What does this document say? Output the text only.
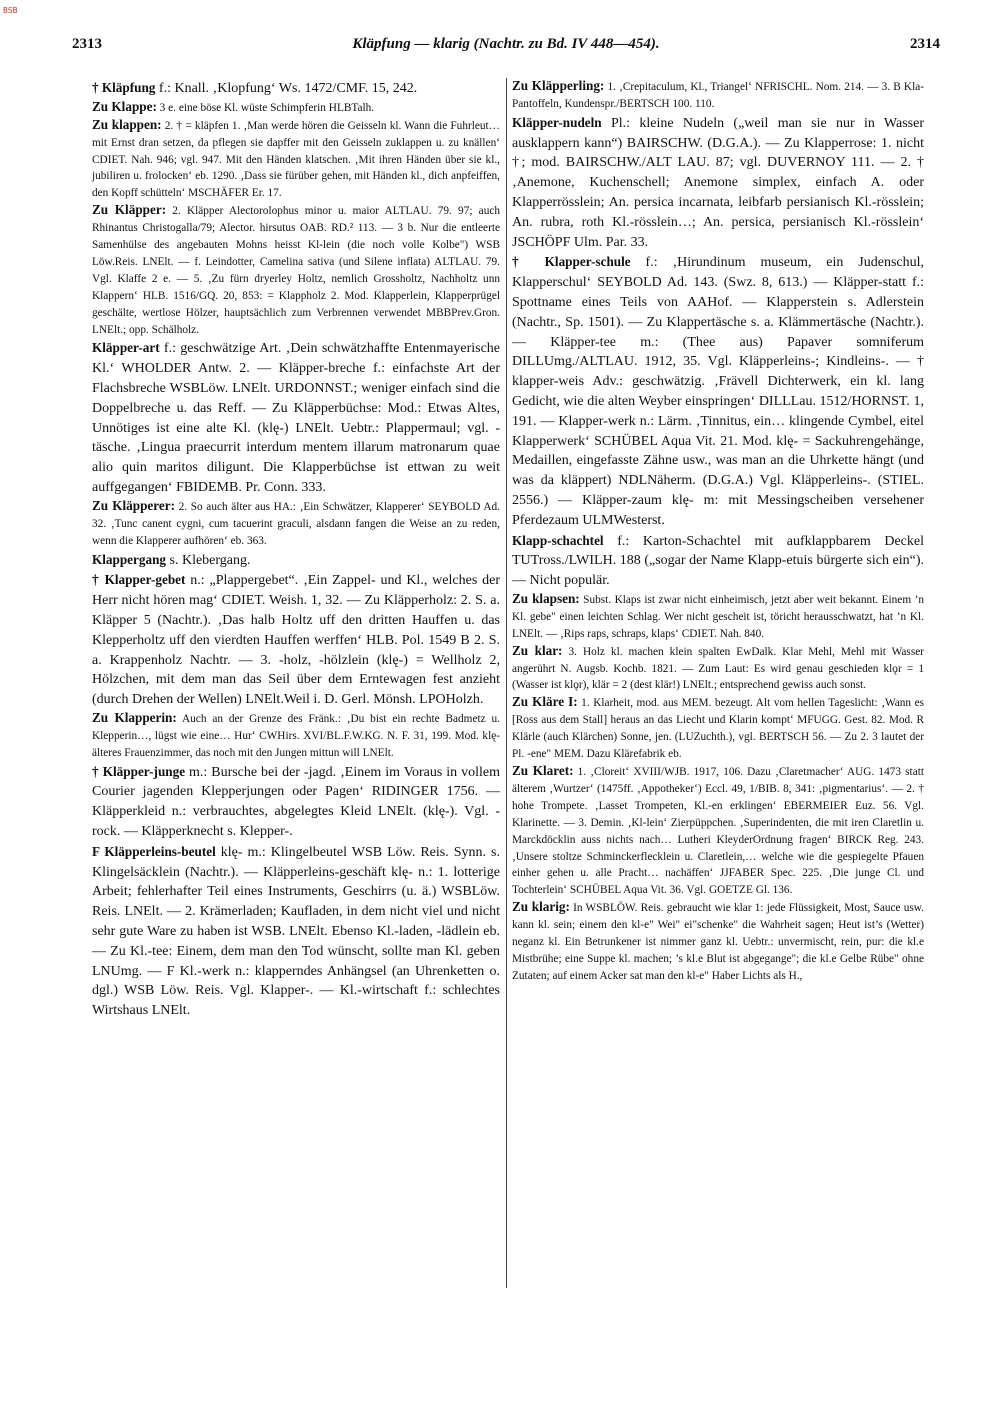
BSB
2313	Kläpfung — klarig (Nachtr. zu Bd. IV 448—454).	2314

† Kläpfung f.: Knall. ‚Klopfung‘ Ws. 1472/CMF. 15, 242.

Zu Klappe: 3 e. eine böse Kl. wüste Schimpferin HLBTalh.

Zu klappen: 2. † = kläpfen 1. ‚Man werde hören die Geisseln kl. Wann die Fuhrleut… mit Ernst dran setzen, da pflegen sie dapffer mit den Geisseln zuklappen u. zu knällen‘ CDIET. Nah. 946; vgl. 947. Mit den Händen klatschen. ‚Mit ihren Händen über sie kl., jubiliren u. frolocken‘ eb. 1290. ‚Dass sie fürüber gehen, mit Händen kl., dich anpfeiffen, den Kopff schütteln‘ MSCHÄFER Er. 17.

Zu Kläpper: 2. Kläpper Alectorolophus minor u. maior ALTLAU. 79. 97; auch Rhinantus Christogalla/79; Alector. hirsutus OAB. RD.² 113. — 3 b. Nur die entleerte Samenhülse des angebauten Mohns heisst Kl-lein (die noch volle Kolbe") WSB Löw.Reis. LNElt. — f. Leindotter, Camelina sativa (und Silene inflata) ALTLAU. 79. Vgl. Klaffe 2 e. — 5. ‚Zu fürn dryerley Holtz, nemlich Grossholtz, Nachholtz unn Klappern‘ HLB. 1516/GQ. 20, 853: = Klappholz 2. Mod. Klapperlein, Klapperprügel geschälte, wertlose Hölzer, hauptsächlich zum Verbrennen verwendet MBBPrev.Gron. LNElt.; opp. Schälholz.

Kläpper-art f.: geschwätzige Art. ‚Dein schwätzhaffte Entenmayerische Kl.‘ WHOLDER Antw. 2. — Kläpper-breche f.: einfachste Art der Flachsbreche WSBLöw. LNElt. URDONNST.; weniger einfach sind die Doppelbreche u. das Reff. — Zu Kläpperbüchse: Mod.: Etwas Altes, Unnötiges ist eine alte Kl. (klę-) LNElt. Uebtr.: Plappermaul; vgl. -täsche. ‚Lingua praecurrit interdum mentem illarum matronarum quae alio quin maritos diligunt. Die Klapperbüchse ist ettwan zu weit auffgegangen‘ FBIDEMB. Pr. Conn. 333.

Zu Kläpperer: 2. So auch älter aus HA.: ‚Ein Schwätzer, Klapperer‘ SEYBOLD Ad. 32. ‚Tunc canent cygni, cum tacuerint graculi, alsdann fangen die Weise an zu reden, wenn die Klapperer aufhören‘ eb. 363.

Klappergang s. Klebergang.

† Klapper-gebet n.: „Plappergebet“. ‚Ein Zappel- und Kl., welches der Herr nicht hören mag‘ CDIET. Weish. 1, 32. — Zu Kläpperholz: 2. S. a. Kläpper 5 (Nachtr.). ‚Das halb Holtz uff den dritten Hauffen u. das Klepperholtz uff den vierdten Hauffen werffen‘ HLB. Pol. 1549 B 2. S. a. Krappenholz Nachtr. — 3. -holz, -hölzlein (klę-) = Wellholz 2, Hölzchen, mit dem man das Seil über dem Erntewagen fest anzieht (durch Drehen der Wellen) LNElt.Weil i. D. Gerl. Mönsh. LPOHolzh.

Zu Klapperin: Auch an der Grenze des Fränk.: ‚Du bist ein rechte Badmetz u. Klepperin…, lügst wie eine… Hur‘ CWHirs. XVI/BL.F.W.KG. N. F. 31, 199. Mod. klę- älteres Frauenzimmer, das noch mit den Jungen mittun will LNElt.

† Kläpper-junge m.: Bursche bei der -jagd. ‚Einem im Voraus in vollem Courier jagenden Klepperjungen oder Pagen‘ RIDINGER 1756. — Kläpperkleid n.: verbrauchtes, abgelegtes Kleid LNElt. (klę-). Vgl. -rock. — Kläpperknecht s. Klepper-.

F Kläpperleins-beutel klę- m.: Klingelbeutel WSB Löw. Reis. Synn. s. Klingelsäcklein (Nachtr.). — Kläpperleins-geschäft klę- n.: 1. lotterige Arbeit; fehlerhafter Teil eines Instruments, Geschirrs (u. ä.) WSBLöw. Reis. LNElt. — 2. Krämerladen; Kaufladen, in dem nicht viel und nicht sehr gute Ware zu haben ist WSB. LNElt. Ebenso Kl.-laden, -lädlein eb. — Zu Kl.-tee: Einem, dem man den Tod wünscht, sollte man Kl. geben LNUmg. — F Kl.-werk n.: klapperndes Anhängsel (an Uhrenketten o. dgl.) WSB Löw. Reis. Vgl. Klapper-. — Kl.-wirtschaft f.: schlechtes Wirtshaus LNElt.

Zu Kläpperling: 1. ‚Crepitaculum, Kl., Triangel‘ NFRISCHL. Nom. 214. — 3. B Kla- Pantoffeln, Kundenspr./BERTSCH 100. 110.

Kläpper-nudeln Pl.: kleine Nudeln („weil man sie nur in Wasser ausklappern kann“) BAIRSCHW. (D.G.A.). — Zu Klapperrose: 1. nicht †; mod. BAIRSCHW./ALT LAU. 87; vgl. DUVERNOY 111. — 2. † ‚Anemone, Kuchenschell; Anemone simplex, einfach A. oder Klapperrösslein; An. persica incarnata, leibfarb persianisch Kl.-rösslein; An. rubra, roth Kl.-rösslein…; An. persica, persianisch Kl.-rösslein‘ JSCHÖPF Ulm. Par. 33.

† Klapper-schule f.: ‚Hirundinum museum, ein Judenschul, Klapperschul‘ SEYBOLD Ad. 143. (Swz. 8, 613.) — Kläpper-statt f.: Spottname eines Teils von AAHof. — Klapperstein s. Adlerstein (Nachtr., Sp. 1501). — Zu Klappertäsche s. a. Klämmertäsche (Nachtr.). — Kläpper-tee m.: (Thee aus) Papaver somniferum DILLUmg./ALTLAU. 1912, 35. Vgl. Kläpperleins-; Kindleins-. — † klapper-weis Adv.: geschwätzig. ‚Frävell Dichterwerk, ein kl. lang Gedicht, wie die alten Weyber einspringen‘ DILLLau. 1512/HORNST. 1, 191. — Klapper-werk n.: Lärm. ‚Tinnitus, ein… klingende Cymbel, eitel Klapperwerk‘ SCHÜBEL Aqua Vit. 21. Mod. klę- = Sackuhrengehänge, Medaillen, eingefasste Zähne usw., was man an die Uhrkette hängt (und was da kläppert) NDLNäherm. (D.G.A.) Vgl. Kläpperleins-. (STIEL. 2556.) — Kläpper-zaum klę- m: mit Messingscheiben versehener Pferdezaum ULMWesterst.

Klapp-schachtel f.: Karton-Schachtel mit aufklappbarem Deckel TUTross./LWILH. 188 („sogar der Name Klapp-etuis bürgerte sich ein“). — Nicht populär.

Zu klapsen: Subst. Klaps ist zwar nicht einheimisch, jetzt aber weit bekannt. Einem ’n Kl. gebe" einen leichten Schlag. Wer nicht gescheit ist, töricht herausschwatzt, hat ’n Kl. LNElt. — ‚Rips raps, schraps, klaps‘ CDIET. Nah. 840.

Zu klar: 3. Holz kl. machen klein spalten EwDalk. Klar Mehl, Mehl mit Wasser angerührt N. Augsb. Kochb. 1821. — Zum Laut: Es wird genau geschieden klǫr = 1 (Wasser ist klǫr), klär = 2 (dest klär!) LNElt.; entsprechend gewiss auch sonst.

Zu Kläre I: 1. Klarheit, mod. aus MEM. bezeugt. Alt vom hellen Tageslicht: ‚Wann es [Ross aus dem Stall] heraus an das Liecht und Klarin kompt‘ MFUGG. Gest. 82. Mod. R Klärle (auch Klärchen) Sonne, jen. (LUZuchth.), vgl. BERTSCH 56. — Zu 2. 3 lautet der Pl. -ene" MEM. Dazu Klärefabrik eb.

Zu Klaret: 1. ‚Cloreit‘ XVIII/WJB. 1917, 106. Dazu ‚Claretmacher‘ AUG. 1473 statt älterem ‚Wurtzer‘ (1475ff. ‚Appotheker‘) Eccl. 49, 1/BIB. 8, 341: ‚pigmentarius‘. — 2. † hohe Trompete. ‚Lasset Trompeten, Kl.-en erklingen‘ EBERMEIER Euz. 56. Vgl. Klarinette. — 3. Demin. ‚Kl-lein‘ Zierpüppchen. ‚Superindenten, die mit iren Claretlin u. Marckdöcklin auss nichts nach… Lutheri KleyderOrdnung fragen‘ BIRCK Reg. 243. ‚Unsere stoltze Schminckerflecklein u. Claretlein,… welche wie die gespiegelte Pfauen einher gehen u. alle Pracht… nachäffen‘ JJFABER Spec. 225. ‚Die junge Cl. und Tochterlein‘ SCHÜBEL Aqua Vit. 36. Vgl. GOETZE Gl. 136.

Zu klarig: In WSBLÖW. Reis. gebraucht wie klar 1: jede Flüssigkeit, Most, Sauce usw. kann kl. sein; einem den kl-e" Wei" ei"schenke" die Wahrheit sagen; Heut ist’s (Wetter) neganz kl. Ein Betrunkener ist nimmer ganz kl. Uebtr.: unvermischt, rein, pur: die kl.e Mistbrühe; eine Suppe kl. machen; ’s kl.e Blut ist abgegange"; die kl.e Gelbe Rübe" ohne Zutaten; auf einem Acker sat man den kl-e" Haber Lichts als H.,
